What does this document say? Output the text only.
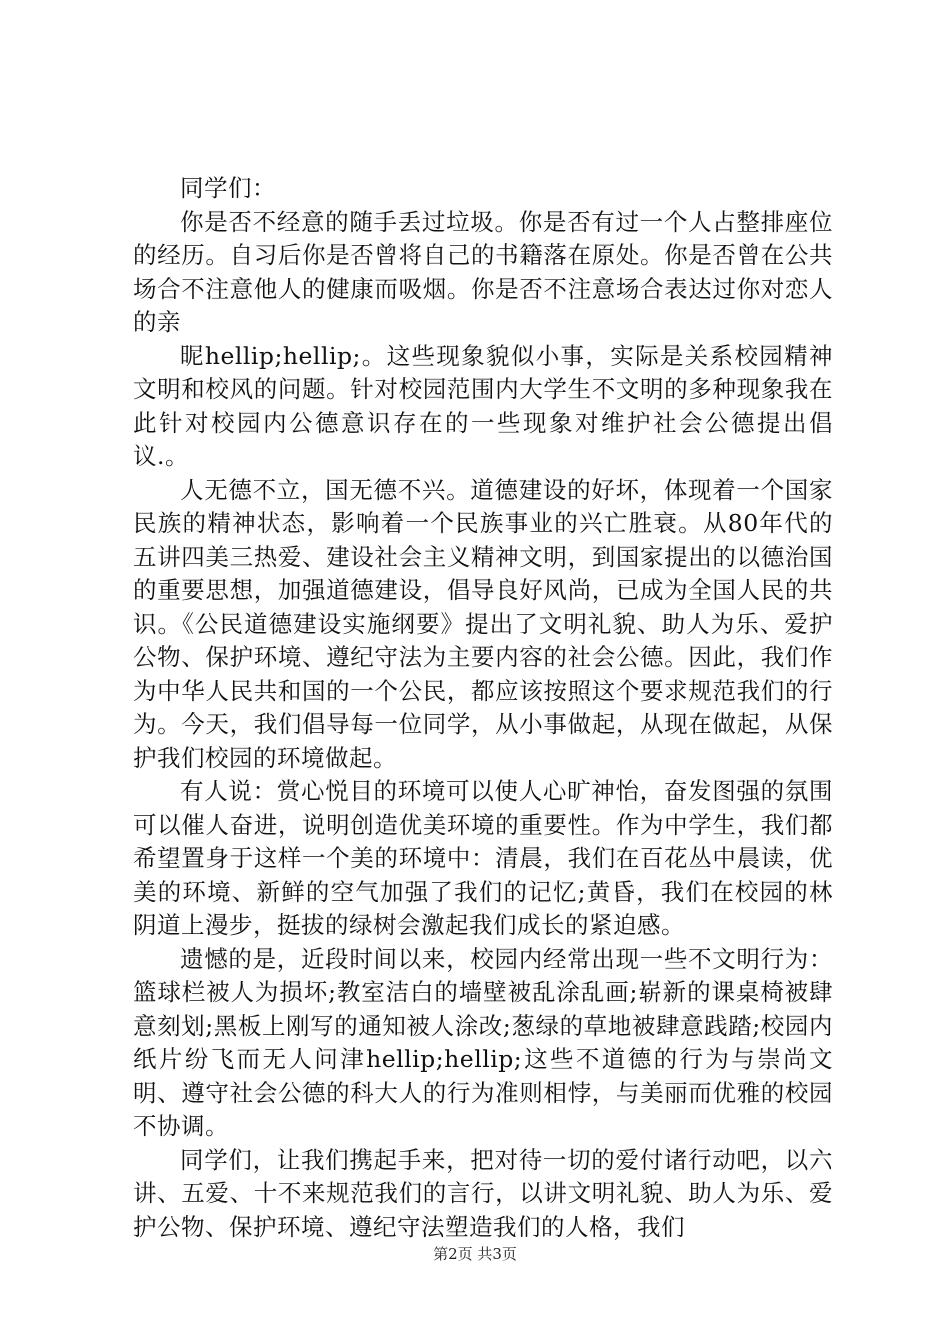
同学们：

你是否不经意的随手丢过垃圾。你是否有过一个人占整排座位的经历。自习后你是否曾将自己的书籍落在原处。你是否曾在公共场合不注意他人的健康而吸烟。你是否不注意场合表达过你对恋人的亲

昵hellip;hellip;。这些现象貌似小事，实际是关系校园精神文明和校风的问题。针对校园范围内大学生不文明的多种现象我在此针对校园内公德意识存在的一些现象对维护社会公德提出倡议.。

人无德不立，国无德不兴。道德建设的好坏，体现着一个国家民族的精神状态，影响着一个民族事业的兴亡胜衰。从80年代的五讲四美三热爱、建设社会主义精神文明，到国家提出的以德治国的重要思想，加强道德建设，倡导良好风尚，已成为全国人民的共识。《公民道德建设实施纲要》提出了文明礼貌、助人为乐、爱护公物、保护环境、遵纪守法为主要内容的社会公德。因此，我们作为中华人民共和国的一个公民，都应该按照这个要求规范我们的行为。今天，我们倡导每一位同学，从小事做起，从现在做起，从保护我们校园的环境做起。

有人说：赏心悦目的环境可以使人心旷神怡，奋发图强的氛围可以催人奋进，说明创造优美环境的重要性。作为中学生，我们都希望置身于这样一个美的环境中：清晨，我们在百花丛中晨读，优美的环境、新鲜的空气加强了我们的记忆;黄昏，我们在校园的林阴道上漫步，挺拔的绿树会激起我们成长的紧迫感。

遗憾的是，近段时间以来，校园内经常出现一些不文明行为：篮球栏被人为损坏;教室洁白的墙壁被乱涂乱画;崭新的课桌椅被肆意刻划;黑板上刚写的通知被人涂改;葱绿的草地被肆意践踏;校园内纸片纷飞而无人问津hellip;hellip;这些不道德的行为与崇尚文明、遵守社会公德的科大人的行为准则相悖，与美丽而优雅的校园不协调。

同学们，让我们携起手来，把对待一切的爱付诸行动吧，以六讲、五爱、十不来规范我们的言行，以讲文明礼貌、助人为乐、爱护公物、保护环境、遵纪守法塑造我们的人格，我们

第2页 共3页
